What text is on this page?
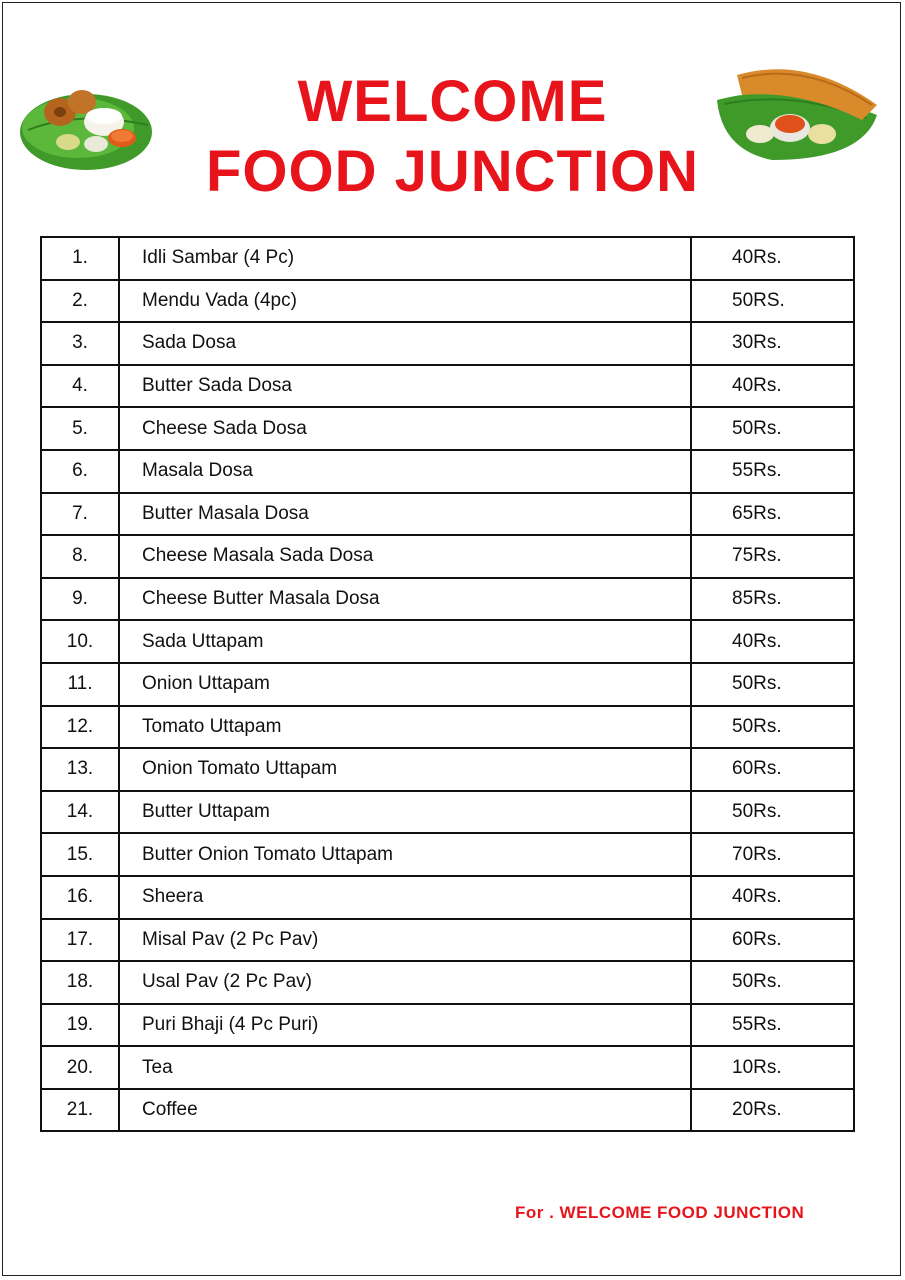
WELCOME
FOOD JUNCTION
1.	Idli Sambar (4 Pc)	40Rs.
2.	Mendu Vada (4pc)	50RS.
3.	Sada Dosa	30Rs.
4.	Butter Sada Dosa	40Rs.
5.	Cheese Sada Dosa	50Rs.
6.	Masala Dosa	55Rs.
7.	Butter Masala Dosa	65Rs.
8.	Cheese Masala Sada Dosa	75Rs.
9.	Cheese Butter Masala Dosa	85Rs.
10.	Sada Uttapam	40Rs.
11.	Onion Uttapam	50Rs.
12.	Tomato Uttapam	50Rs.
13.	Onion Tomato Uttapam	60Rs.
14.	Butter Uttapam	50Rs.
15.	Butter Onion Tomato Uttapam	70Rs.
16.	Sheera	40Rs.
17.	Misal Pav (2 Pc Pav)	60Rs.
18.	Usal Pav (2 Pc Pav)	50Rs.
19.	Puri Bhaji (4 Pc Puri)	55Rs.
20.	Tea	10Rs.
21.	Coffee	20Rs.
For . WELCOME FOOD JUNCTION
